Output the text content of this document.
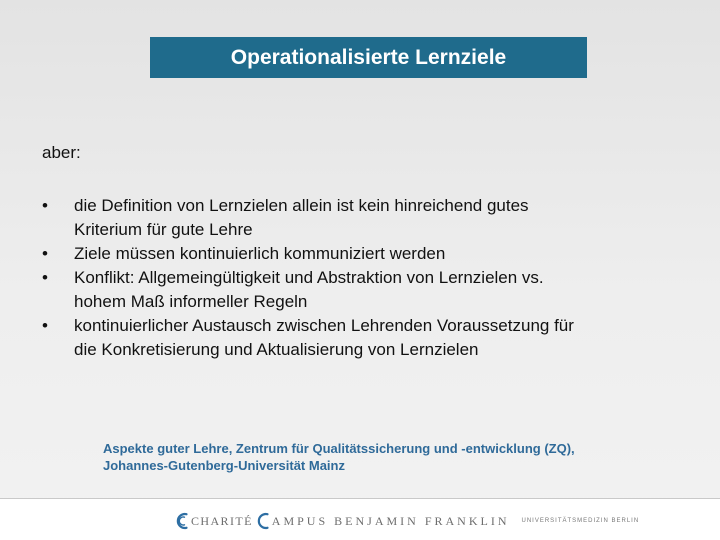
Operationalisierte Lernziele
aber:
•	die Definition von Lernzielen allein ist kein hinreichend gutes
Kriterium für gute Lehre
•	Ziele müssen kontinuierlich kommuniziert werden
•	Konflikt: Allgemeingültigkeit und Abstraktion von Lernzielen vs.
hohem Maß informeller Regeln
•	kontinuierlicher Austausch zwischen Lehrenden Voraussetzung für
die Konkretisierung und Aktualisierung von Lernzielen
Aspekte guter Lehre, Zentrum für Qualitätssicherung und -entwicklung (ZQ),
Johannes-Gutenberg-Universität Mainz
CHARITÉ AMPUS BENJAMIN FRANKLIN UNIVERSITÄTSMEDIZIN BERLIN
